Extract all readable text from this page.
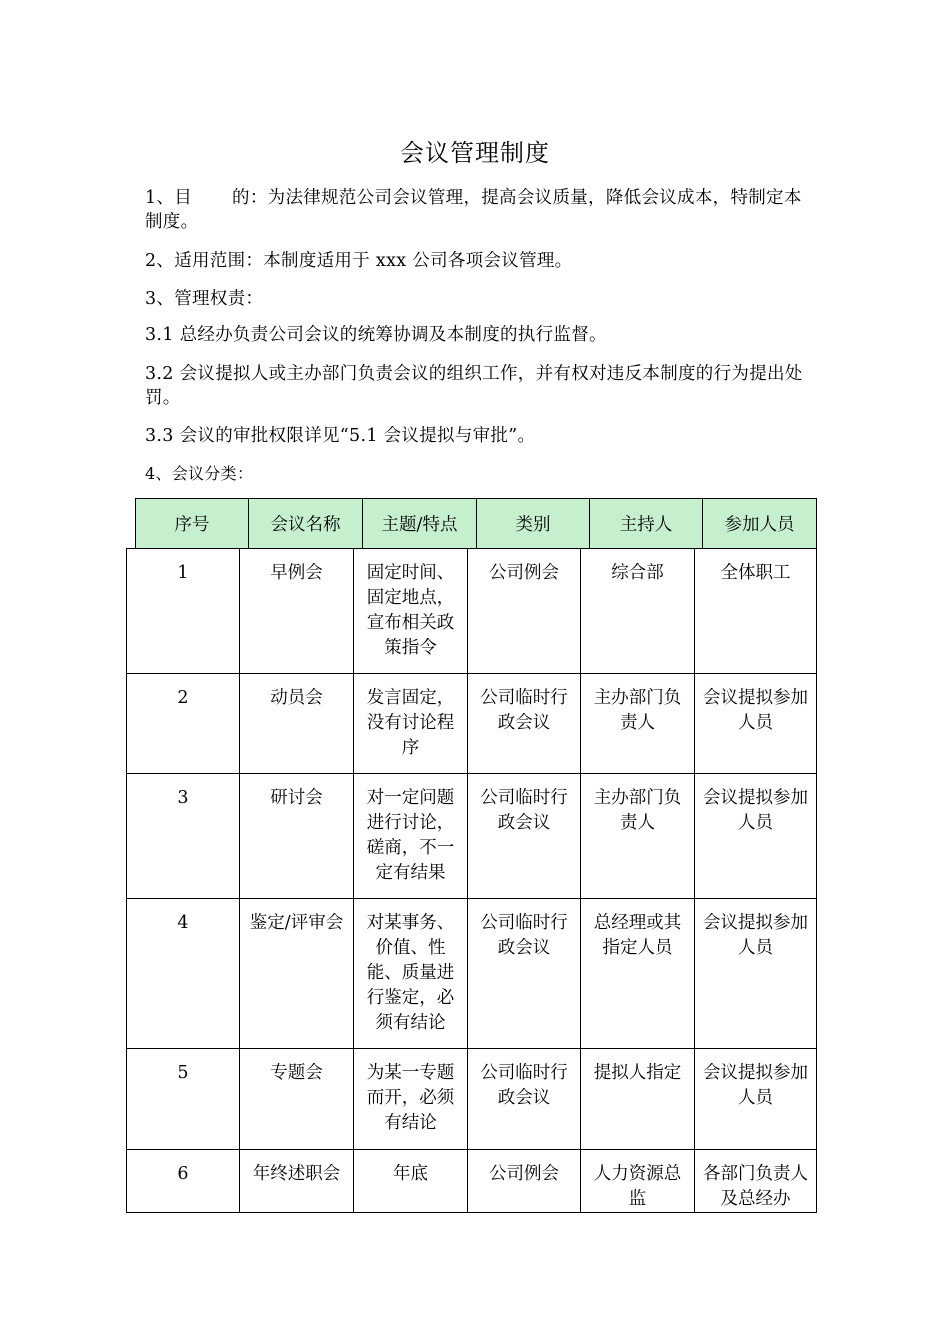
会议管理制度
1、目 的：为法律规范公司会议管理，提高会议质量，降低会议成本，特制定本制度。
2、适用范围：本制度适用于 xxx 公司各项会议管理。
3、管理权责：
3.1 总经办负责公司会议的统筹协调及本制度的执行监督。
3.2 会议提拟人或主办部门负责会议的组织工作，并有权对违反本制度的行为提出处罚。
3.3 会议的审批权限详见“5.1 会议提拟与审批”。
4、会议分类：
序号	会议名称	主题/特点	类别	主持人	参加人员
1	早例会	固定时间、固定地点，宣布相关政策指令	公司例会	综合部	全体职工
2	动员会	发言固定，没有讨论程序	公司临时行政会议	主办部门负责人	会议提拟参加人员
3	研讨会	对一定问题进行讨论，磋商，不一定有结果	公司临时行政会议	主办部门负责人	会议提拟参加人员
4	鉴定/评审会	对某事务、价值、性能、质量进行鉴定，必须有结论	公司临时行政会议	总经理或其指定人员	会议提拟参加人员
5	专题会	为某一专题而开，必须有结论	公司临时行政会议	提拟人指定	会议提拟参加人员
6	年终述职会	年底	公司例会	人力资源总监	各部门负责人及总经办
